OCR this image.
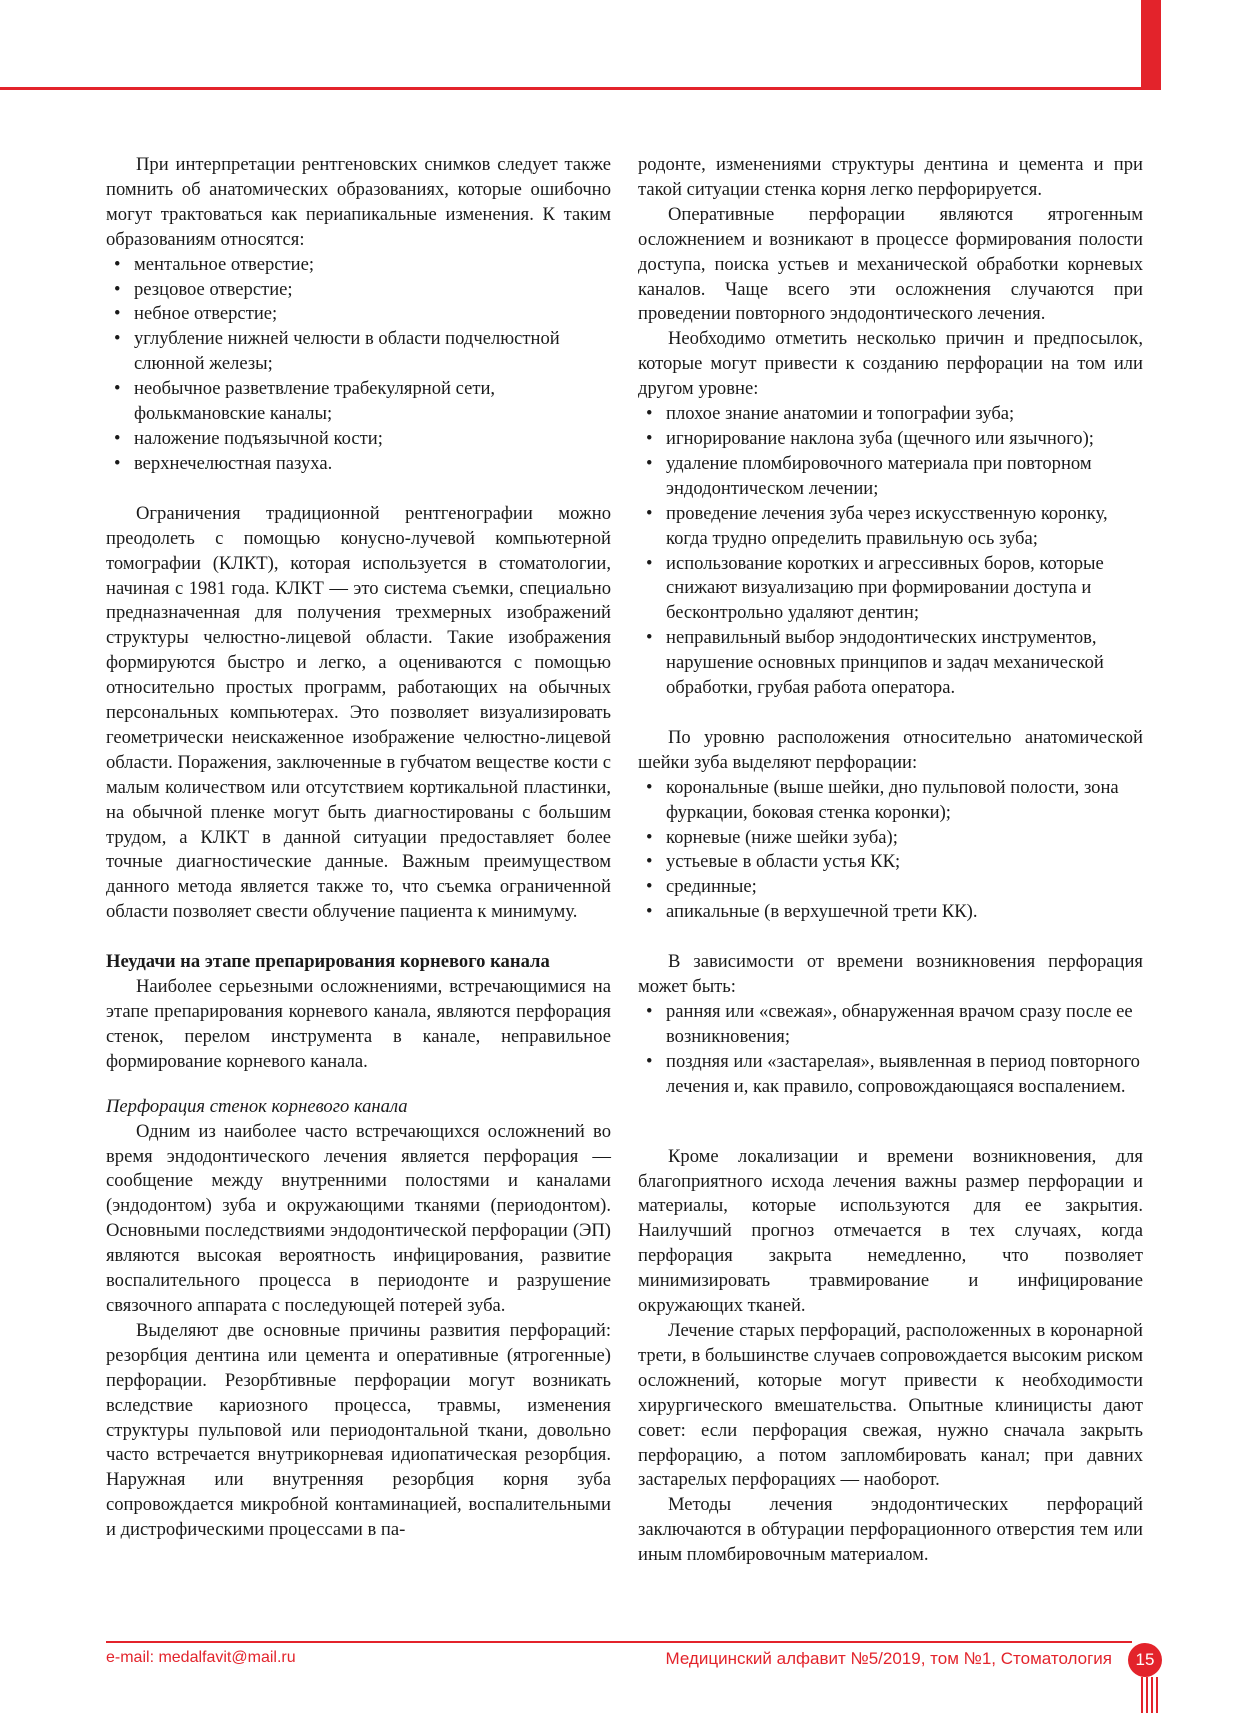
При интерпретации рентгеновских снимков следует также помнить об анатомических образованиях, которые ошибочно могут трактоваться как периапикальные изменения. К таким образованиям относятся:

• ментальное отверстие;
• резцовое отверстие;
• небное отверстие;
• углубление нижней челюсти в области подчелюстной слюнной железы;
• необычное разветвление трабекулярной сети, фолькмановские каналы;
• наложение подъязычной кости;
• верхнечелюстная пазуха.

Ограничения традиционной рентгенографии можно преодолеть с помощью конусно-лучевой компьютерной томографии (КЛКТ), которая используется в стоматологии, начиная с 1981 года. КЛКТ — это система съемки, специально предназначенная для получения трехмерных изображений структуры челюстно-лицевой области. Такие изображения формируются быстро и легко, а оцениваются с помощью относительно простых программ, работающих на обычных персональных компьютерах. Это позволяет визуализировать геометрически неискаженное изображение челюстно-лицевой области. Поражения, заключенные в губчатом веществе кости с малым количеством или отсутствием кортикальной пластинки, на обычной пленке могут быть диагностированы с большим трудом, а КЛКТ в данной ситуации предоставляет более точные диагностические данные. Важным преимуществом данного метода является также то, что съемка ограниченной области позволяет свести облучение пациента к минимуму.

Неудачи на этапе препарирования корневого канала

Наиболее серьезными осложнениями, встречающимися на этапе препарирования корневого канала, являются перфорация стенок, перелом инструмента в канале, неправильное формирование корневого канала.

Перфорация стенок корневого канала

Одним из наиболее часто встречающихся осложнений во время эндодонтического лечения является перфорация — сообщение между внутренними полостями и каналами (эндодонтом) зуба и окружающими тканями (периодонтом). Основными последствиями эндодонтической перфорации (ЭП) являются высокая вероятность инфицирования, развитие воспалительного процесса в периодонте и разрушение связочного аппарата с последующей потерей зуба.

Выделяют две основные причины развития перфораций: резорбция дентина или цемента и оперативные (ятрогенные) перфорации. Резорбтивные перфорации могут возникать вследствие кариозного процесса, травмы, изменения структуры пульповой или периодонтальной ткани, довольно часто встречается внутрикорневая идиопатическая резорбция. Наружная или внутренняя резорбция корня зуба сопровождается микробной контаминацией, воспалительными и дистрофическими процессами в па-

родонте, изменениями структуры дентина и цемента и при такой ситуации стенка корня легко перфорируется.

Оперативные перфорации являются ятрогенным осложнением и возникают в процессе формирования полости доступа, поиска устьев и механической обработки корневых каналов. Чаще всего эти осложнения случаются при проведении повторного эндодонтического лечения.

Необходимо отметить несколько причин и предпосылок, которые могут привести к созданию перфорации на том или другом уровне:

• плохое знание анатомии и топографии зуба;
• игнорирование наклона зуба (щечного или язычного);
• удаление пломбировочного материала при повторном эндодонтическом лечении;
• проведение лечения зуба через искусственную коронку, когда трудно определить правильную ось зуба;
• использование коротких и агрессивных боров, которые снижают визуализацию при формировании доступа и бесконтрольно удаляют дентин;
• неправильный выбор эндодонтических инструментов, нарушение основных принципов и задач механической обработки, грубая работа оператора.

По уровню расположения относительно анатомической шейки зуба выделяют перфорации:

• корональные (выше шейки, дно пульповой полости, зона фуркации, боковая стенка коронки);
• корневые (ниже шейки зуба);
• устьевые в области устья КК;
• срединные;
• апикальные (в верхушечной трети КК).

В зависимости от времени возникновения перфорация может быть:

• ранняя или «свежая», обнаруженная врачом сразу после ее возникновения;
• поздняя или «застарелая», выявленная в период повторного лечения и, как правило, сопровождающаяся воспалением.

Кроме локализации и времени возникновения, для благоприятного исхода лечения важны размер перфорации и материалы, которые используются для ее закрытия. Наилучший прогноз отмечается в тех случаях, когда перфорация закрыта немедленно, что позволяет минимизировать травмирование и инфицирование окружающих тканей.

Лечение старых перфораций, расположенных в коронарной трети, в большинстве случаев сопровождается высоким риском осложнений, которые могут привести к необходимости хирургического вмешательства. Опытные клиницисты дают совет: если перфорация свежая, нужно сначала закрыть перфорацию, а потом запломбировать канал; при давних застарелых перфорациях — наоборот.

Методы лечения эндодонтических перфораций заключаются в обтурации перфорационного отверстия тем или иным пломбировочным материалом.

e-mail: medalfavit@mail.ru	Медицинский алфавит №5/2019, том №1, Стоматология	15
